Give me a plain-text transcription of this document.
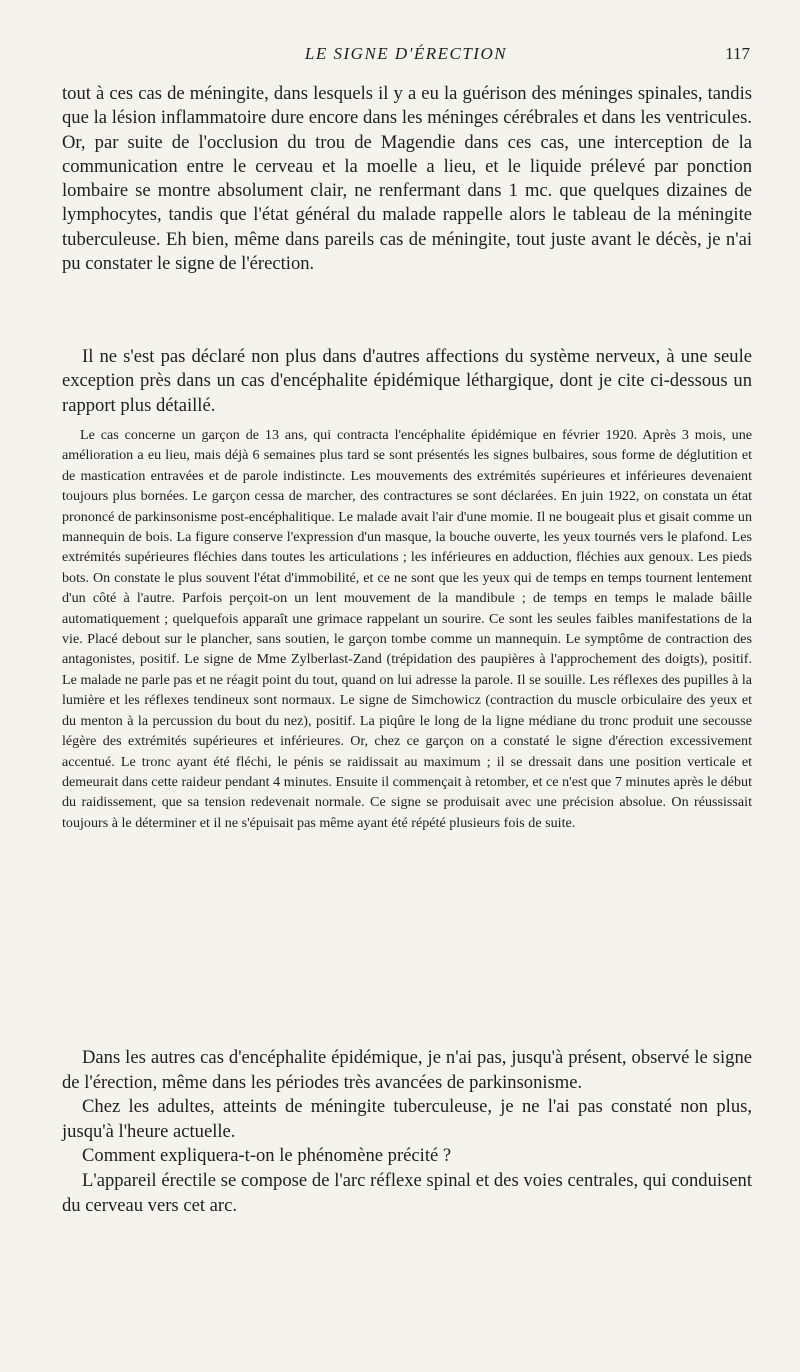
LE SIGNE D'ÉRECTION	117

tout à ces cas de méningite, dans lesquels il y a eu la guérison des méninges spinales, tandis que la lésion inflammatoire dure encore dans les méninges cérébrales et dans les ventricules. Or, par suite de l'occlusion du trou de Magendie dans ces cas, une interception de la communication entre le cerveau et la moelle a lieu, et le liquide prélevé par ponction lombaire se montre absolument clair, ne renfermant dans 1 mc. que quelques dizaines de lymphocytes, tandis que l'état général du malade rappelle alors le tableau de la méningite tuberculeuse. Eh bien, même dans pareils cas de méningite, tout juste avant le décès, je n'ai pu constater le signe de l'érection.

Il ne s'est pas déclaré non plus dans d'autres affections du système nerveux, à une seule exception près dans un cas d'encéphalite épidémique léthargique, dont je cite ci-dessous un rapport plus détaillé.

Le cas concerne un garçon de 13 ans, qui contracta l'encéphalite épidémique en février 1920. Après 3 mois, une amélioration a eu lieu, mais déjà 6 semaines plus tard se sont présentés les signes bulbaires, sous forme de déglutition et de mastication entravées et de parole indistincte. Les mouvements des extrémités supérieures et inférieures devenaient toujours plus bornées. Le garçon cessa de marcher, des contractures se sont déclarées. En juin 1922, on constata un état prononcé de parkinsonisme post-encéphalitique. Le malade avait l'air d'une momie. Il ne bougeait plus et gisait comme un mannequin de bois. La figure conserve l'expression d'un masque, la bouche ouverte, les yeux tournés vers le plafond. Les extrémités supérieures fléchies dans toutes les articulations ; les inférieures en adduction, fléchies aux genoux. Les pieds bots. On constate le plus souvent l'état d'immobilité, et ce ne sont que les yeux qui de temps en temps tournent lentement d'un côté à l'autre. Parfois perçoit-on un lent mouvement de la mandibule ; de temps en temps le malade bâille automatiquement ; quelquefois apparaît une grimace rappelant un sourire. Ce sont les seules faibles manifestations de la vie. Placé debout sur le plancher, sans soutien, le garçon tombe comme un mannequin. Le symptôme de contraction des antagonistes, positif. Le signe de Mme Zylberlast-Zand (trépidation des paupières à l'approchement des doigts), positif. Le malade ne parle pas et ne réagit point du tout, quand on lui adresse la parole. Il se souille. Les réflexes des pupilles à la lumière et les réflexes tendineux sont normaux. Le signe de Simchowicz (contraction du muscle orbiculaire des yeux et du menton à la percussion du bout du nez), positif. La piqûre le long de la ligne médiane du tronc produit une secousse légère des extrémités supérieures et inférieures. Or, chez ce garçon on a constaté le signe d'érection excessivement accentué. Le tronc ayant été fléchi, le pénis se raidissait au maximum ; il se dressait dans une position verticale et demeurait dans cette raideur pendant 4 minutes. Ensuite il commençait à retomber, et ce n'est que 7 minutes après le début du raidissement, que sa tension redevenait normale. Ce signe se produisait avec une précision absolue. On réussissait toujours à le déterminer et il ne s'épuisait pas même ayant été répété plusieurs fois de suite.

Dans les autres cas d'encéphalite épidémique, je n'ai pas, jusqu'à présent, observé le signe de l'érection, même dans les périodes très avancées de parkinsonisme.

Chez les adultes, atteints de méningite tuberculeuse, je ne l'ai pas constaté non plus, jusqu'à l'heure actuelle.

Comment expliquera-t-on le phénomène précité ?

L'appareil érectile se compose de l'arc réflexe spinal et des voies centrales, qui conduisent du cerveau vers cet arc.
